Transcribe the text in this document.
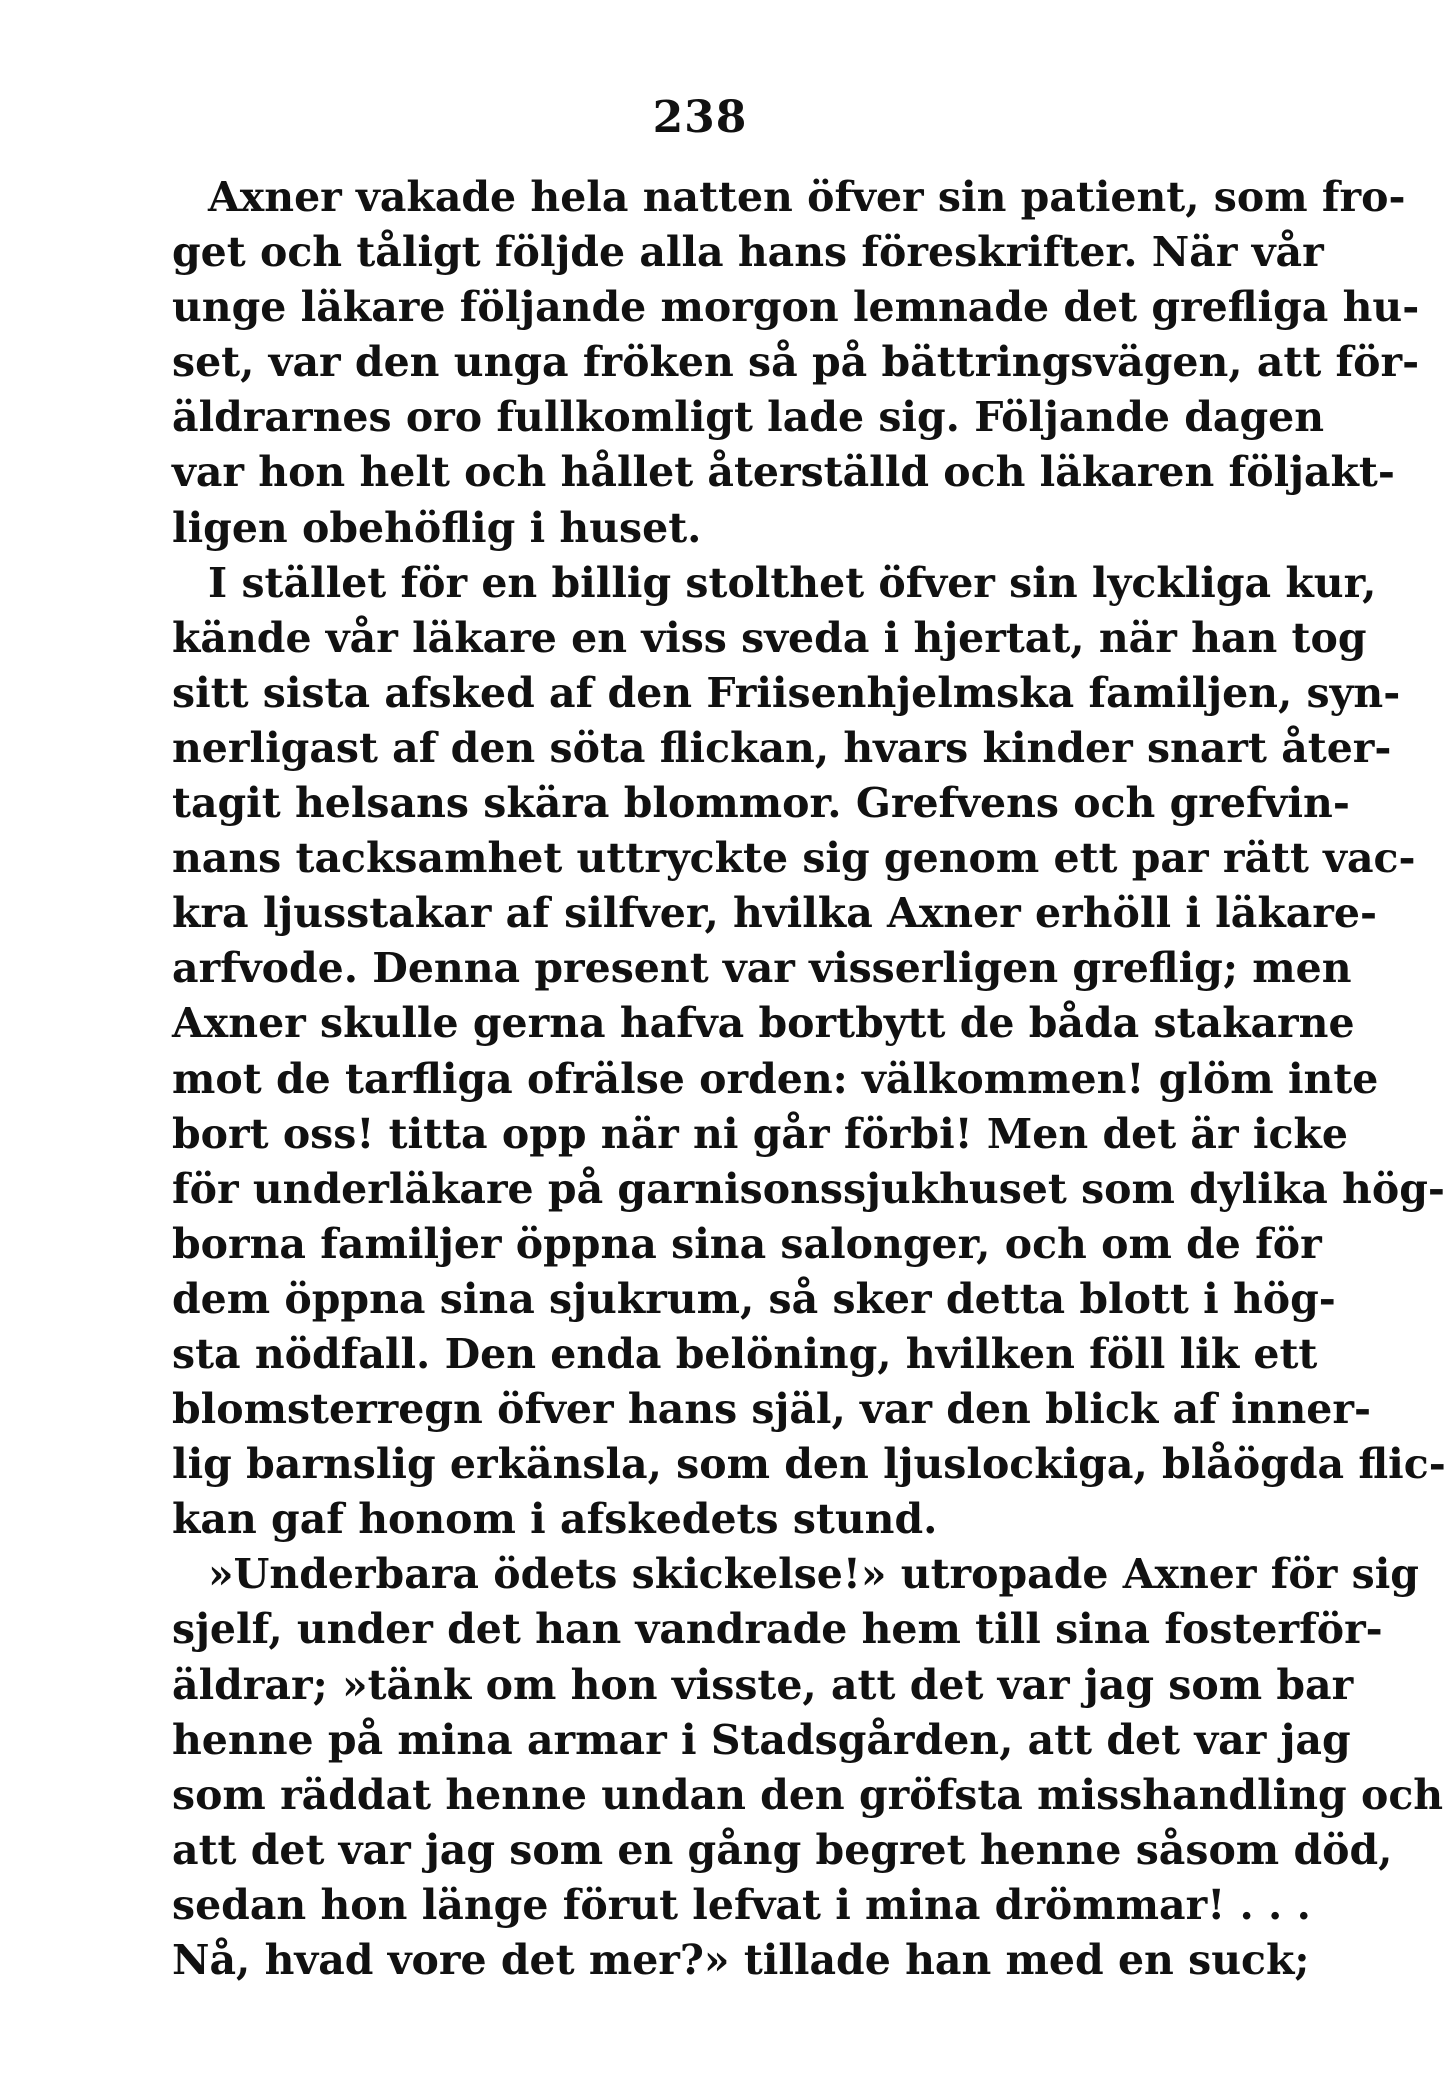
238
Axner vakade hela natten öfver sin patient, som fro-
get och tåligt följde alla hans föreskrifter. När vår
unge läkare följande morgon lemnade det grefliga hu-
set, var den unga fröken så på bättringsvägen, att för-
äldrarnes oro fullkomligt lade sig. Följande dagen
var hon helt och hållet återställd och läkaren följakt-
ligen obehöflig i huset.
I stället för en billig stolthet öfver sin lyckliga kur,
kände vår läkare en viss sveda i hjertat, när han tog
sitt sista afsked af den Friisenhjelmska familjen, syn-
nerligast af den söta flickan, hvars kinder snart åter-
tagit helsans skära blommor. Grefvens och grefvin-
nans tacksamhet uttryckte sig genom ett par rätt vac-
kra ljusstakar af silfver, hvilka Axner erhöll i läkare-
arfvode. Denna present var visserligen greflig; men
Axner skulle gerna hafva bortbytt de båda stakarne
mot de tarfliga ofrälse orden: välkommen! glöm inte
bort oss! titta opp när ni går förbi! Men det är icke
för underläkare på garnisonssjukhuset som dylika hög-
borna familjer öppna sina salonger, och om de för
dem öppna sina sjukrum, så sker detta blott i hög-
sta nödfall. Den enda belöning, hvilken föll lik ett
blomsterregn öfver hans själ, var den blick af inner-
lig barnslig erkänsla, som den ljuslockiga, blåögda flic-
kan gaf honom i afskedets stund.
»Underbara ödets skickelse!» utropade Axner för sig
sjelf, under det han vandrade hem till sina fosterför-
äldrar; »tänk om hon visste, att det var jag som bar
henne på mina armar i Stadsgården, att det var jag
som räddat henne undan den gröfsta misshandling och
att det var jag som en gång begret henne såsom död,
sedan hon länge förut lefvat i mina drömmar! . . .
Nå, hvad vore det mer?» tillade han med en suck;
